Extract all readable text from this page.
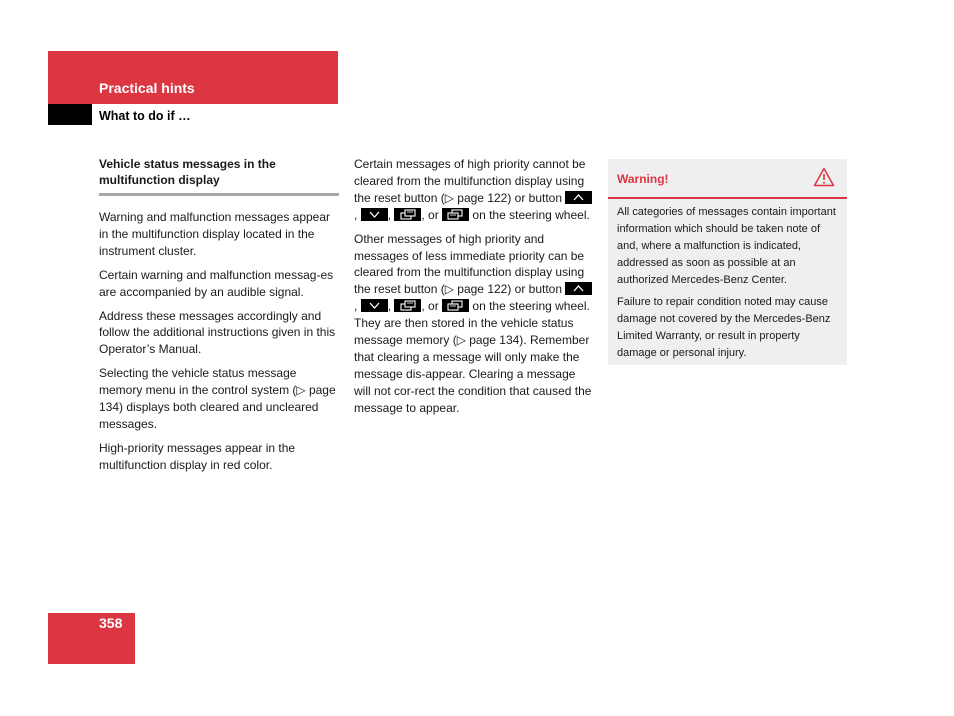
Practical hints
What to do if …
Vehicle status messages in the multifunction display

Warning and malfunction messages appear in the multifunction display located in the instrument cluster.

Certain warning and malfunction messag-es are accompanied by an audible signal.

Address these messages accordingly and follow the additional instructions given in this Operator’s Manual.

Selecting the vehicle status message memory menu in the control system (▷ page 134) displays both cleared and uncleared messages.

High-priority messages appear in the multifunction display in red color.

Certain messages of high priority cannot be cleared from the multifunction display using the reset button (▷ page 122) or button
,	,	, or	on the steering wheel.

Other messages of high priority and messages of less immediate priority can be cleared from the multifunction display using the reset button (▷ page 122) or button
,	,	, or	on the steering wheel. They are then stored in the vehicle status message memory (▷ page 134). Remember that clearing a message will only make the message dis-appear. Clearing a message will not cor-rect the condition that caused the message to appear.

Warning!

All categories of messages contain important information which should be taken note of and, where a malfunction is indicated, addressed as soon as possible at an authorized Mercedes-Benz Center.

Failure to repair condition noted may cause damage not covered by the Mercedes-Benz Limited Warranty, or result in property damage or personal injury.

358
